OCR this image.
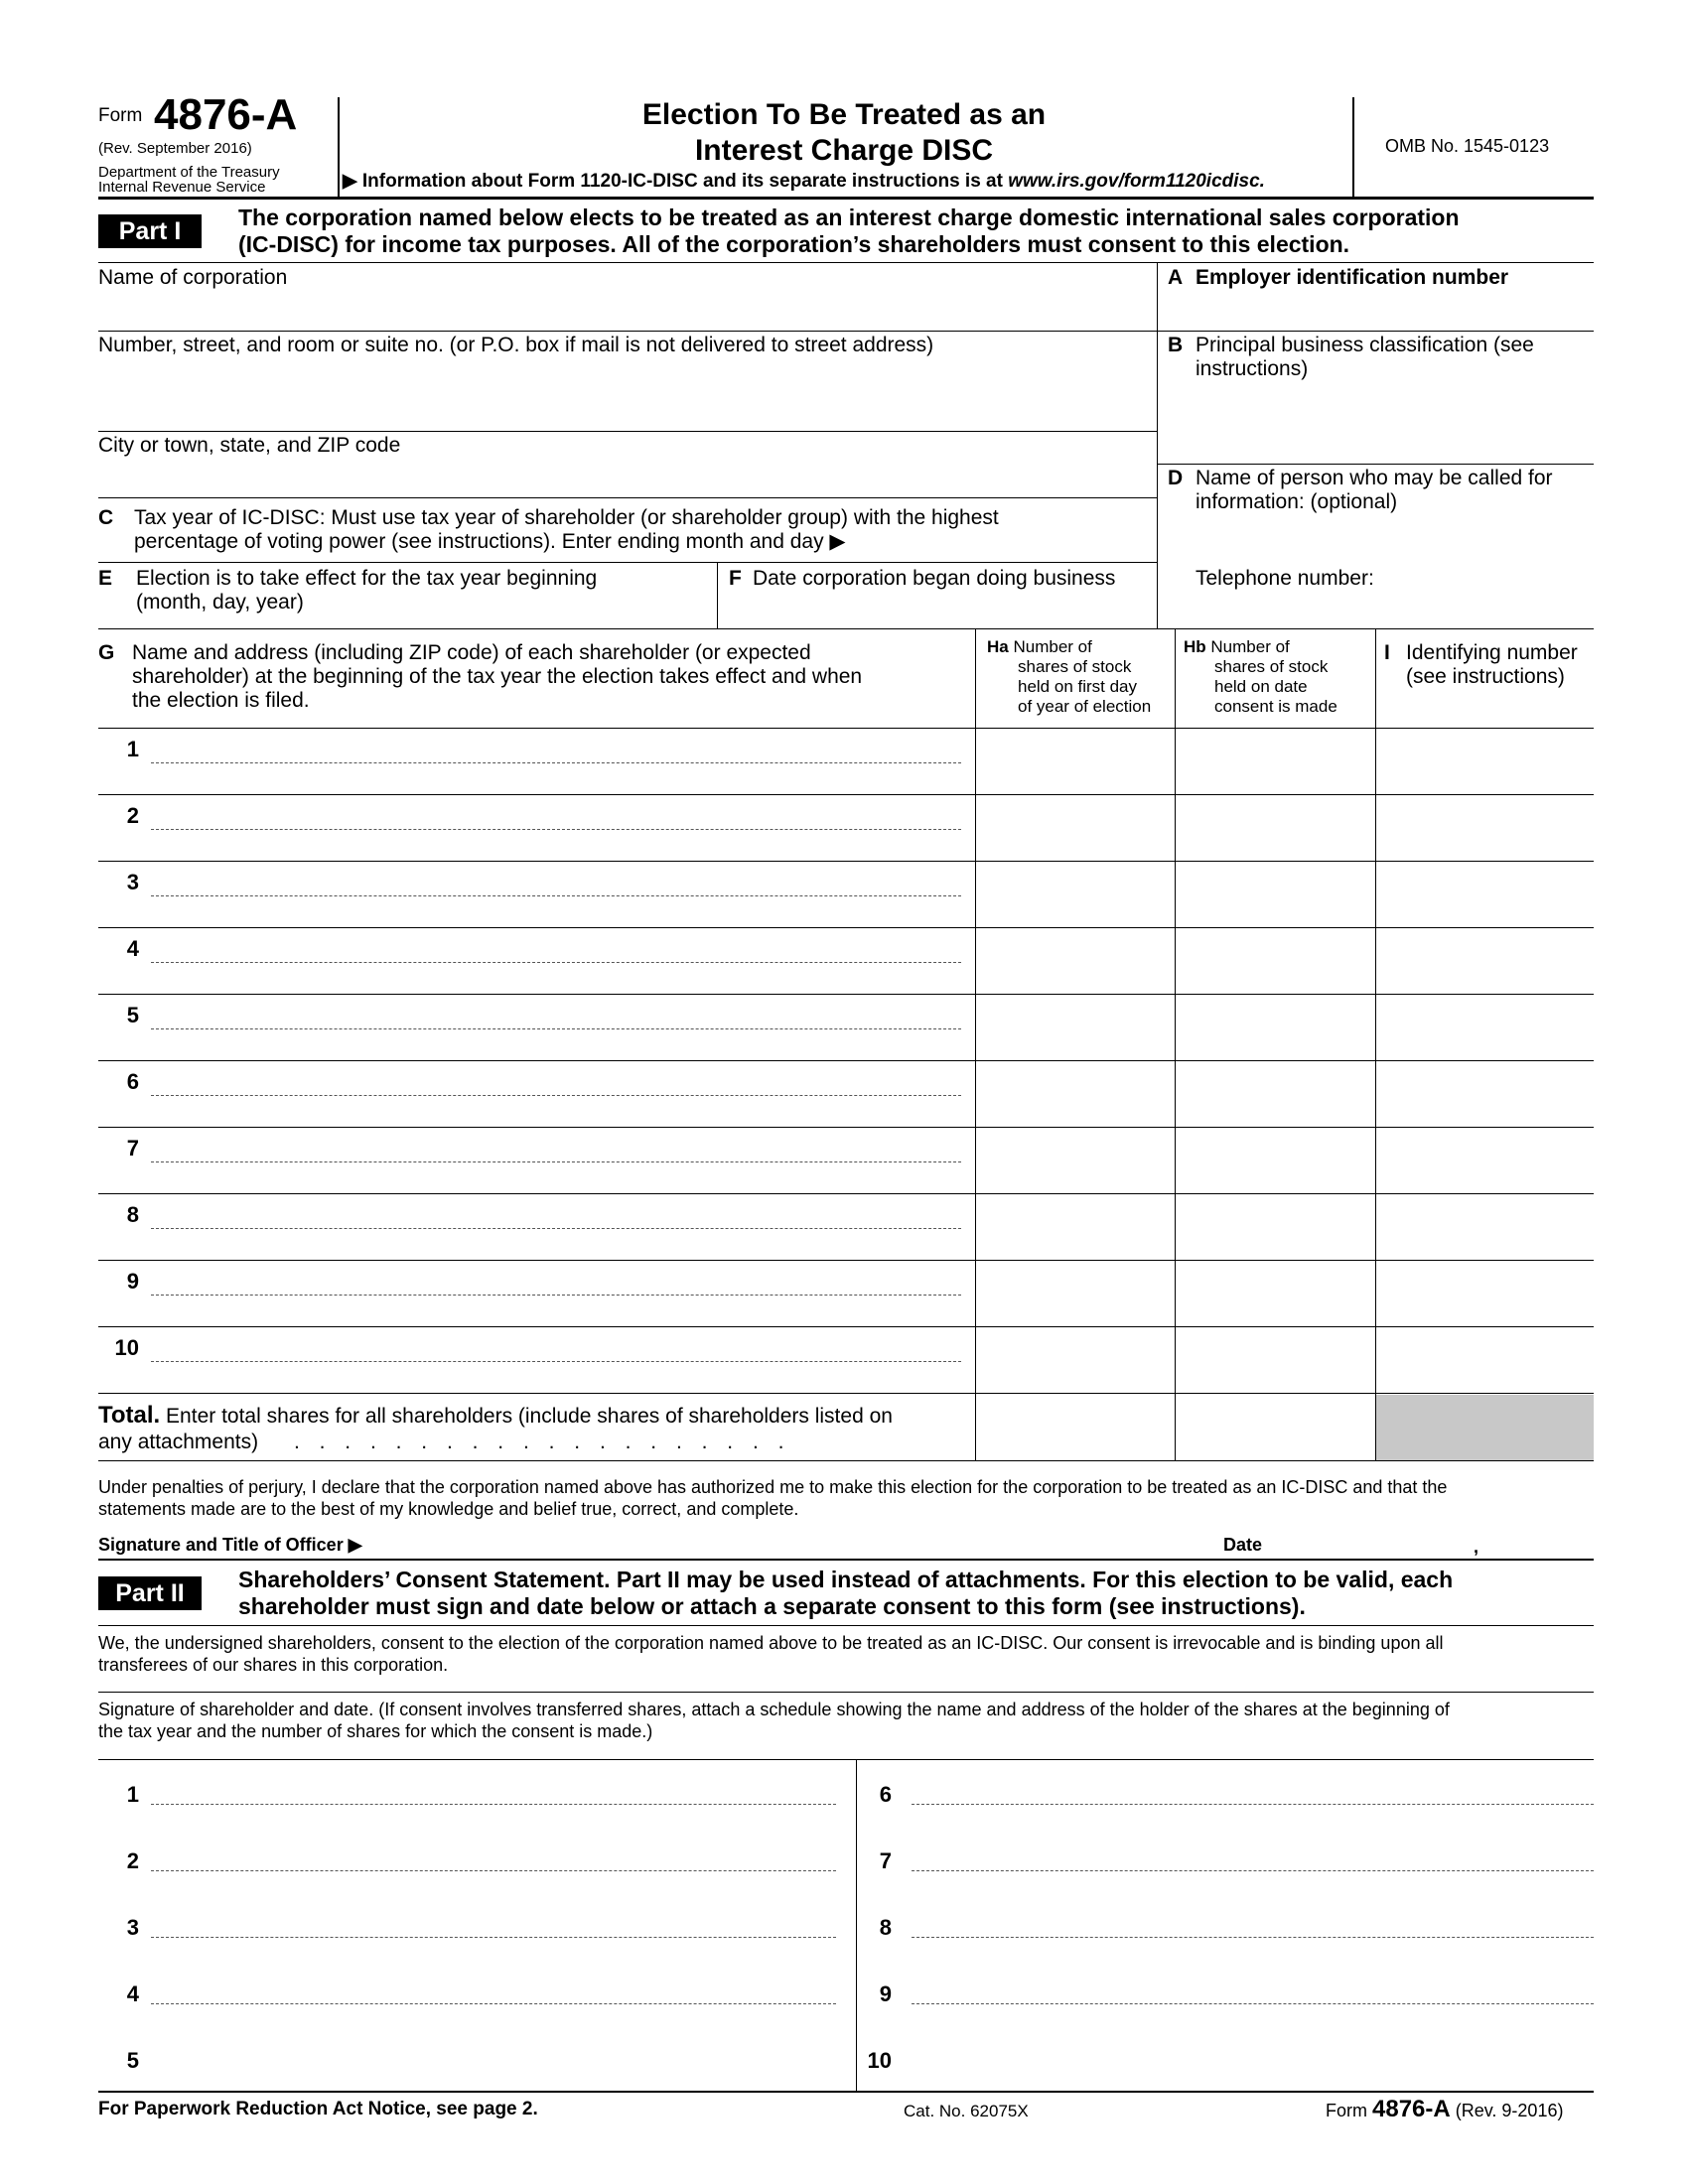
Form 4876-A
(Rev. September 2016)
Department of the Treasury
Internal Revenue Service
Election To Be Treated as an
Interest Charge DISC
▶ Information about Form 1120-IC-DISC and its separate instructions is at www.irs.gov/form1120icdisc.
OMB No. 1545-0123
Part I	The corporation named below elects to be treated as an interest charge domestic international sales corporation
(IC-DISC) for income tax purposes. All of the corporation’s shareholders must consent to this election.
Name of corporation
Number, street, and room or suite no. (or P.O. box if mail is not delivered to street address)
City or town, state, and ZIP code
C Tax year of IC-DISC: Must use tax year of shareholder (or shareholder group) with the highest
percentage of voting power (see instructions). Enter ending month and day ▶
E Election is to take effect for the tax year beginning
(month, day, year)
F Date corporation began doing business
A Employer identification number
B Principal business classification (see
instructions)
D Name of person who may be called for
information: (optional)
Telephone number:
G Name and address (including ZIP code) of each shareholder (or expected
shareholder) at the beginning of the tax year the election takes effect and when
the election is filed.
Ha Number of
shares of stock
held on first day
of year of election
Hb Number of
shares of stock
held on date
consent is made
I Identifying number
(see instructions)
1
2
3
4
5
6
7
8
9
10
Total. Enter total shares for all shareholders (include shares of shareholders listed on
any attachments) . . . . . . . . . . . . . . . . . . . .
Under penalties of perjury, I declare that the corporation named above has authorized me to make this election for the corporation to be treated as an IC-DISC and that the
statements made are to the best of my knowledge and belief true, correct, and complete.
Signature and Title of Officer ▶	Date	,
Part II	Shareholders’ Consent Statement. Part II may be used instead of attachments. For this election to be valid, each
shareholder must sign and date below or attach a separate consent to this form (see instructions).
We, the undersigned shareholders, consent to the election of the corporation named above to be treated as an IC-DISC. Our consent is irrevocable and is binding upon all
transferees of our shares in this corporation.
Signature of shareholder and date. (If consent involves transferred shares, attach a schedule showing the name and address of the holder of the shares at the beginning of
the tax year and the number of shares for which the consent is made.)
1
2
3
4
5
6
7
8
9
10
For Paperwork Reduction Act Notice, see page 2.	Cat. No. 62075X	Form 4876-A (Rev. 9-2016)
